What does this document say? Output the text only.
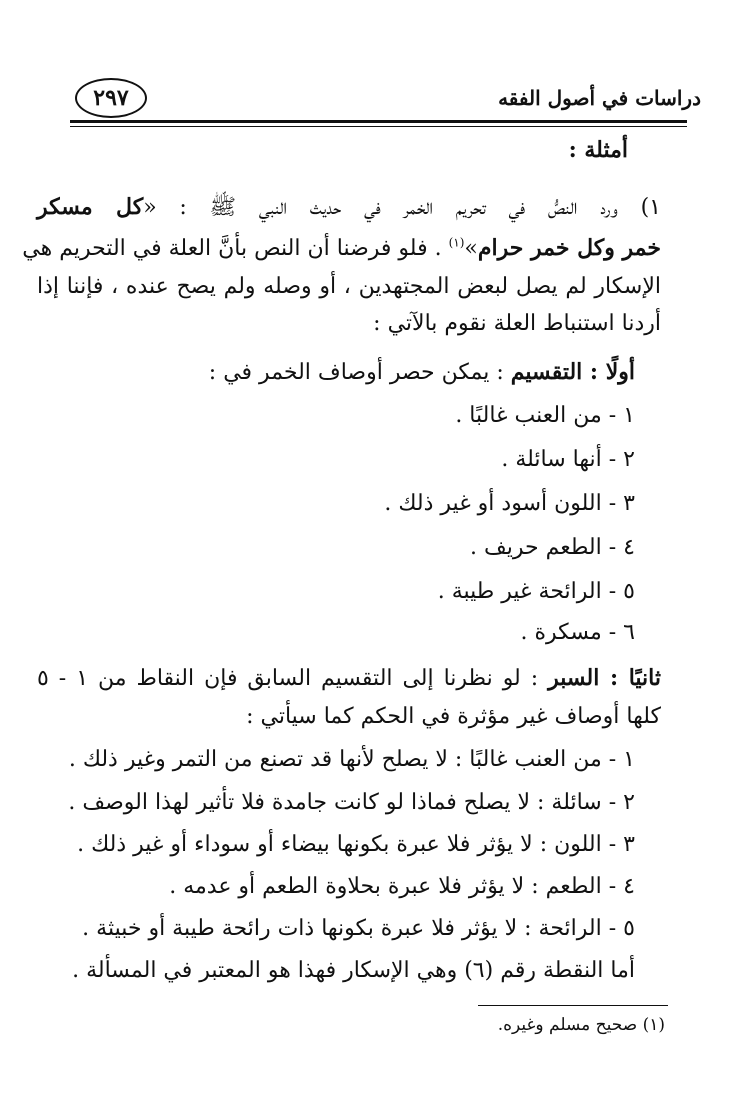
دراسات في أصول الفقه
٢٩٧
أمثلة :
١) ورد النصُّ في تحريم الخمر في حديث النبي ﷺ : «كل مسكر
خمر وكل خمر حرام»$^{(١)}$ . فلو فرضنا أن النص بأنَّ العلة في التحريم هي
الإسكار لم يصل لبعض المجتهدين ، أو وصله ولم يصح عنده ، فإننا إذا
أردنا استنباط العلة نقوم بالآتي :
أولًا : التقسيم : يمكن حصر أوصاف الخمر في :
١ - من العنب غالبًا .
٢ - أنها سائلة .
٣ - اللون أسود أو غير ذلك .
٤ - الطعم حريف .
٥ - الرائحة غير طيبة .
٦ - مسكرة .
ثانيًا : السبر : لو نظرنا إلى التقسيم السابق فإن النقاط من ١ - ٥
كلها أوصاف غير مؤثرة في الحكم كما سيأتي :
١ - من العنب غالبًا : لا يصلح لأنها قد تصنع من التمر وغير ذلك .
٢ - سائلة : لا يصلح فماذا لو كانت جامدة فلا تأثير لهذا الوصف .
٣ - اللون : لا يؤثر فلا عبرة بكونها بيضاء أو سوداء أو غير ذلك .
٤ - الطعم : لا يؤثر فلا عبرة بحلاوة الطعم أو عدمه .
٥ - الرائحة : لا يؤثر فلا عبرة بكونها ذات رائحة طيبة أو خبيثة .
أما النقطة رقم (٦) وهي الإسكار فهذا هو المعتبر في المسألة .
(١) صحيح مسلم وغيره.
